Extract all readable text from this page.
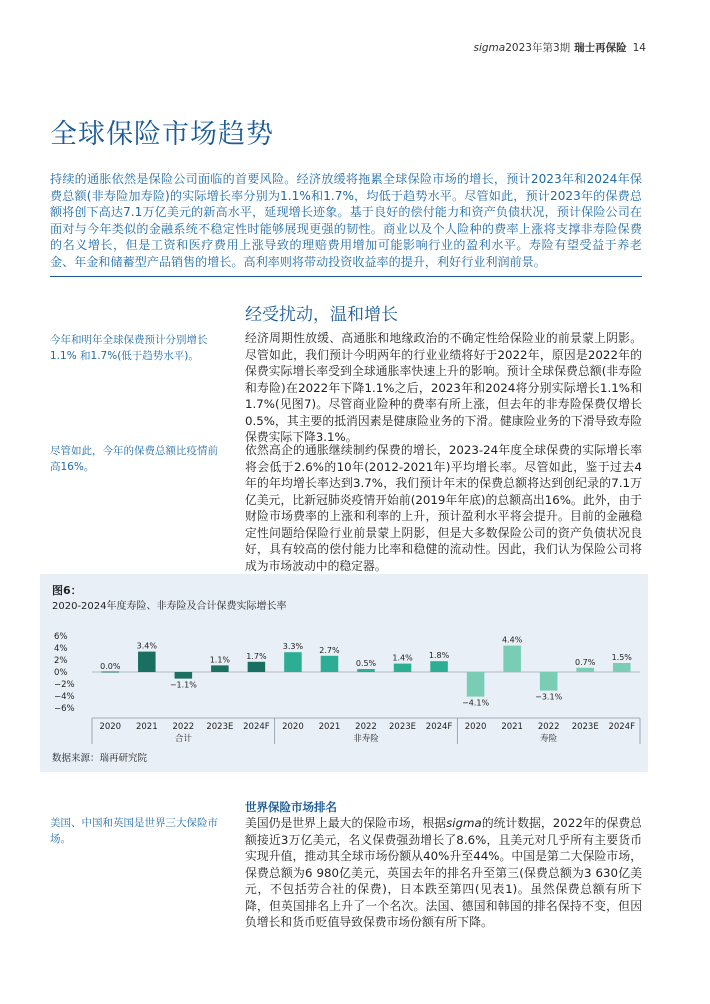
sigma2023年第3期 瑞士再保险 14
全球保险市场趋势

持续的通胀依然是保险公司面临的首要风险。经济放缓将拖累全球保险市场的增长，预计2023年和2024年保费总额(非寿险加寿险)的实际增长率分别为1.1%和1.7%，均低于趋势水平。尽管如此，预计2023年的保费总额将创下高达7.1万亿美元的新高水平，延现增长迹象。基于良好的偿付能力和资产负债状况，预计保险公司在面对与今年类似的金融系统不稳定性时能够展现更强的韧性。商业以及个人险种的费率上涨将支撑非寿险保费的名义增长，但是工资和医疗费用上涨导致的理赔费用增加可能影响行业的盈利水平。寿险有望受益于养老金、年金和储蓄型产品销售的增长。高利率则将带动投资收益率的提升，利好行业利润前景。

经受扰动，温和增长

今年和明年全球保费预计分别增长1.1% 和1.7%(低于趋势水平)。

经济周期性放缓、高通胀和地缘政治的不确定性给保险业的前景蒙上阴影。尽管如此，我们预计今明两年的行业业绩将好于2022年，原因是2022年的保费实际增长率受到全球通胀率快速上升的影响。预计全球保费总额(非寿险和寿险)在2022年下降1.1%之后，2023年和2024将分别实际增长1.1%和1.7%(见图7)。尽管商业险种的费率有所上涨，但去年的非寿险保费仅增长0.5%，其主要的抵消因素是健康险业务的下滑。健康险业务的下滑导致寿险保费实际下降3.1%。

尽管如此，今年的保费总额比疫情前高16%。

依然高企的通胀继续制约保费的增长，2023-24年度全球保费的实际增长率将会低于2.6%的10年(2012-2021年)平均增长率。尽管如此，鉴于过去4年的年均增长率达到3.7%，我们预计年末的保费总额将达到创纪录的7.1万亿美元，比新冠肺炎疫情开始前(2019年年底)的总额高出16%。此外，由于财险市场费率的上涨和利率的上升，预计盈利水平将会提升。目前的金融稳定性问题给保险行业前景蒙上阴影，但是大多数保险公司的资产负债状况良好，具有较高的偿付能力比率和稳健的流动性。因此，我们认为保险公司将成为市场波动中的稳定器。

图6：
2020-2024年度寿险、非寿险及合计保费实际增长率
6%
4%
2%
0%
−2%
−4%
−6%
0.0%
2020
3.4%
2021
−1.1%
2022
1.1%
2023E
1.7%
2024F
合计
3.3%
2020
2.7%
2021
0.5%
2022
1.4%
2023E
1.8%
2024F
非寿险
−4.1%
2020
4.4%
2021
−3.1%
2022
0.7%
2023E
1.5%
2024F
寿险
数据来源：瑞再研究院
世界保险市场排名

美国、中国和英国是世界三大保险市场。

美国仍是世界上最大的保险市场，根据sigma的统计数据，2022年的保费总额接近3万亿美元，名义保费强劲增长了8.6%，且美元对几乎所有主要货币实现升值，推动其全球市场份额从40%升至44%。中国是第二大保险市场，保费总额为6 980亿美元，英国去年的排名升至第三(保费总额为3 630亿美元，不包括劳合社的保费)，日本跌至第四(见表1)。虽然保费总额有所下降，但英国排名上升了一个名次。法国、德国和韩国的排名保持不变，但因负增长和货币贬值导致保费市场份额有所下降。
